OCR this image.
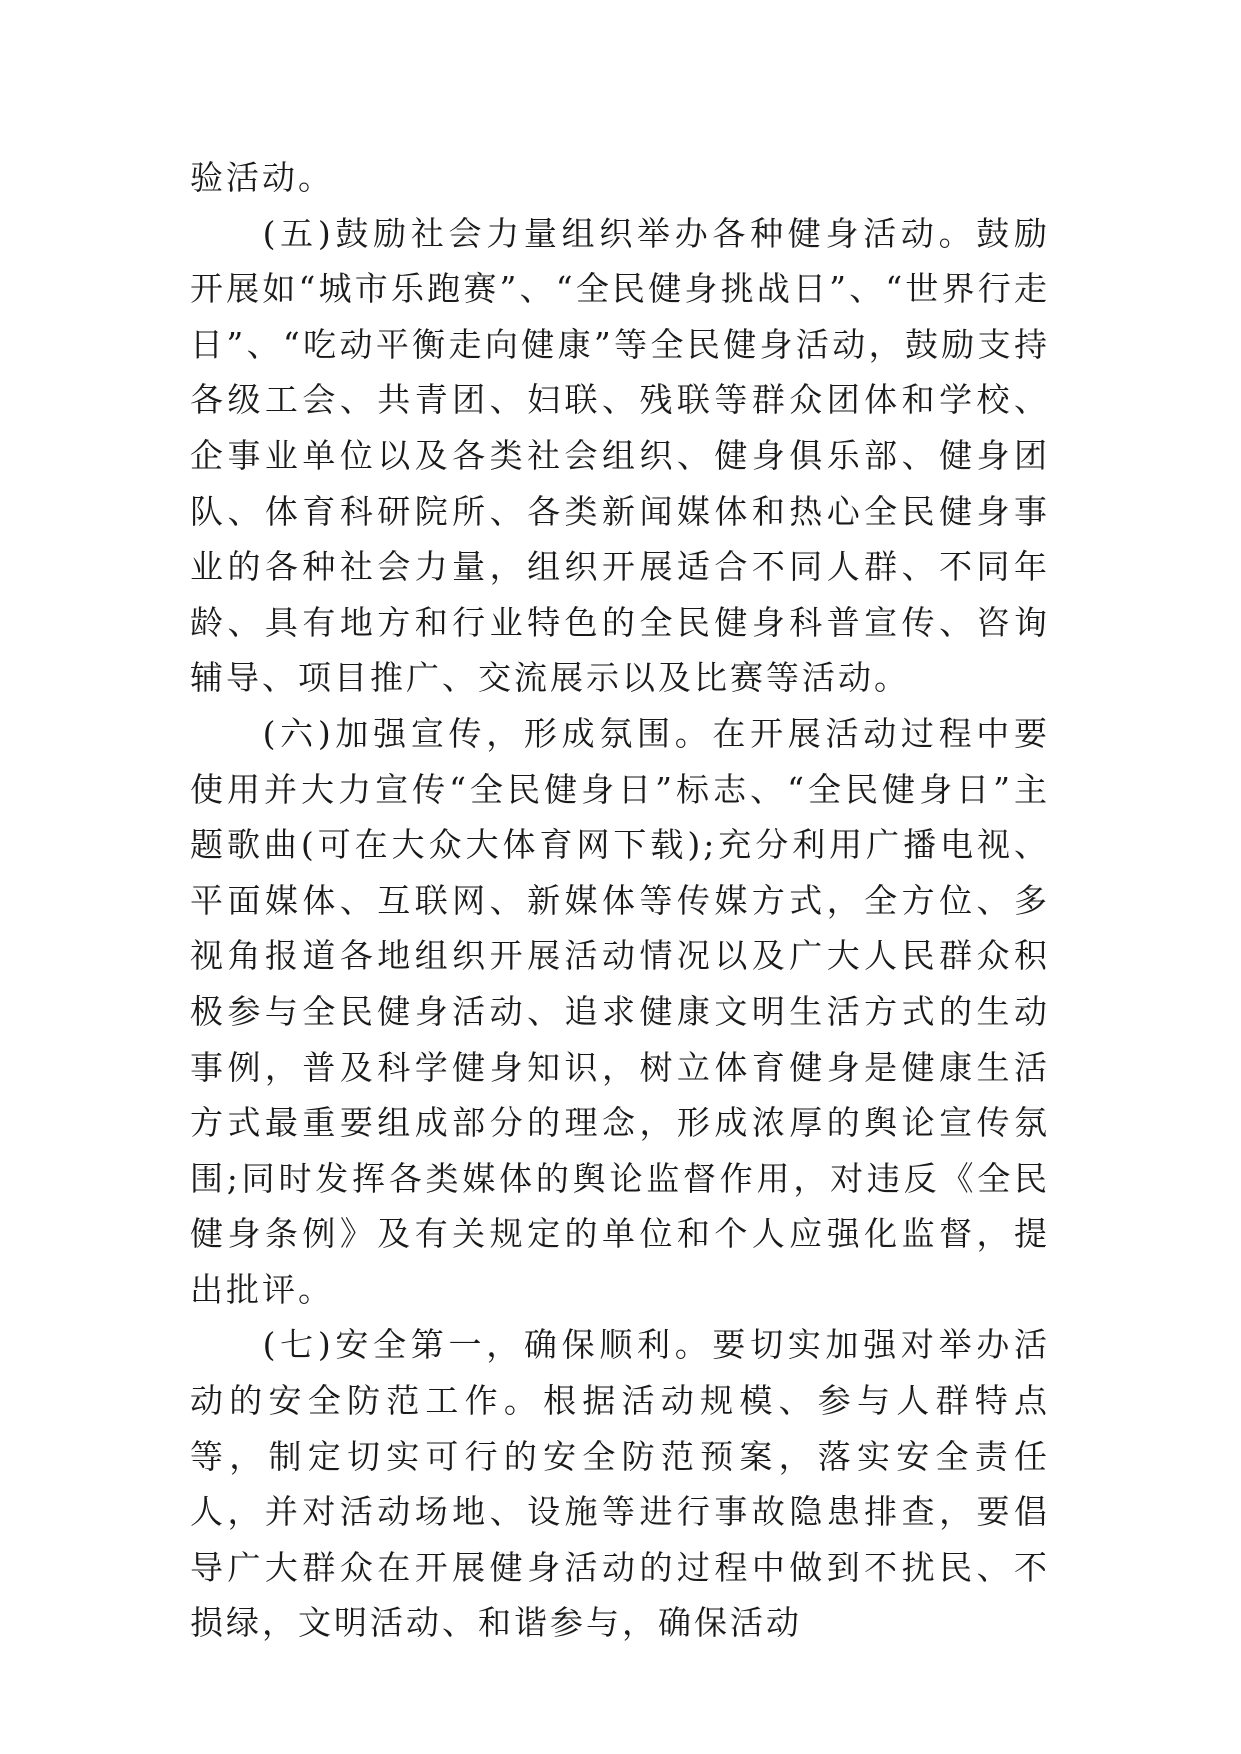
验活动。

(五)鼓励社会力量组织举办各种健身活动。鼓励开展如“城市乐跑赛”、“全民健身挑战日”、“世界行走日”、“吃动平衡走向健康”等全民健身活动，鼓励支持各级工会、共青团、妇联、残联等群众团体和学校、企事业单位以及各类社会组织、健身俱乐部、健身团队、体育科研院所、各类新闻媒体和热心全民健身事业的各种社会力量，组织开展适合不同人群、不同年龄、具有地方和行业特色的全民健身科普宣传、咨询辅导、项目推广、交流展示以及比赛等活动。

(六)加强宣传，形成氛围。在开展活动过程中要使用并大力宣传“全民健身日”标志、“全民健身日”主题歌曲(可在大众大体育网下载);充分利用广播电视、平面媒体、互联网、新媒体等传媒方式，全方位、多视角报道各地组织开展活动情况以及广大人民群众积极参与全民健身活动、追求健康文明生活方式的生动事例，普及科学健身知识，树立体育健身是健康生活方式最重要组成部分的理念，形成浓厚的舆论宣传氛围;同时发挥各类媒体的舆论监督作用，对违反《全民健身条例》及有关规定的单位和个人应强化监督，提出批评。

(七)安全第一，确保顺利。要切实加强对举办活动的安全防范工作。根据活动规模、参与人群特点等，制定切实可行的安全防范预案，落实安全责任人，并对活动场地、设施等进行事故隐患排查，要倡导广大群众在开展健身活动的过程中做到不扰民、不损绿，文明活动、和谐参与，确保活动
